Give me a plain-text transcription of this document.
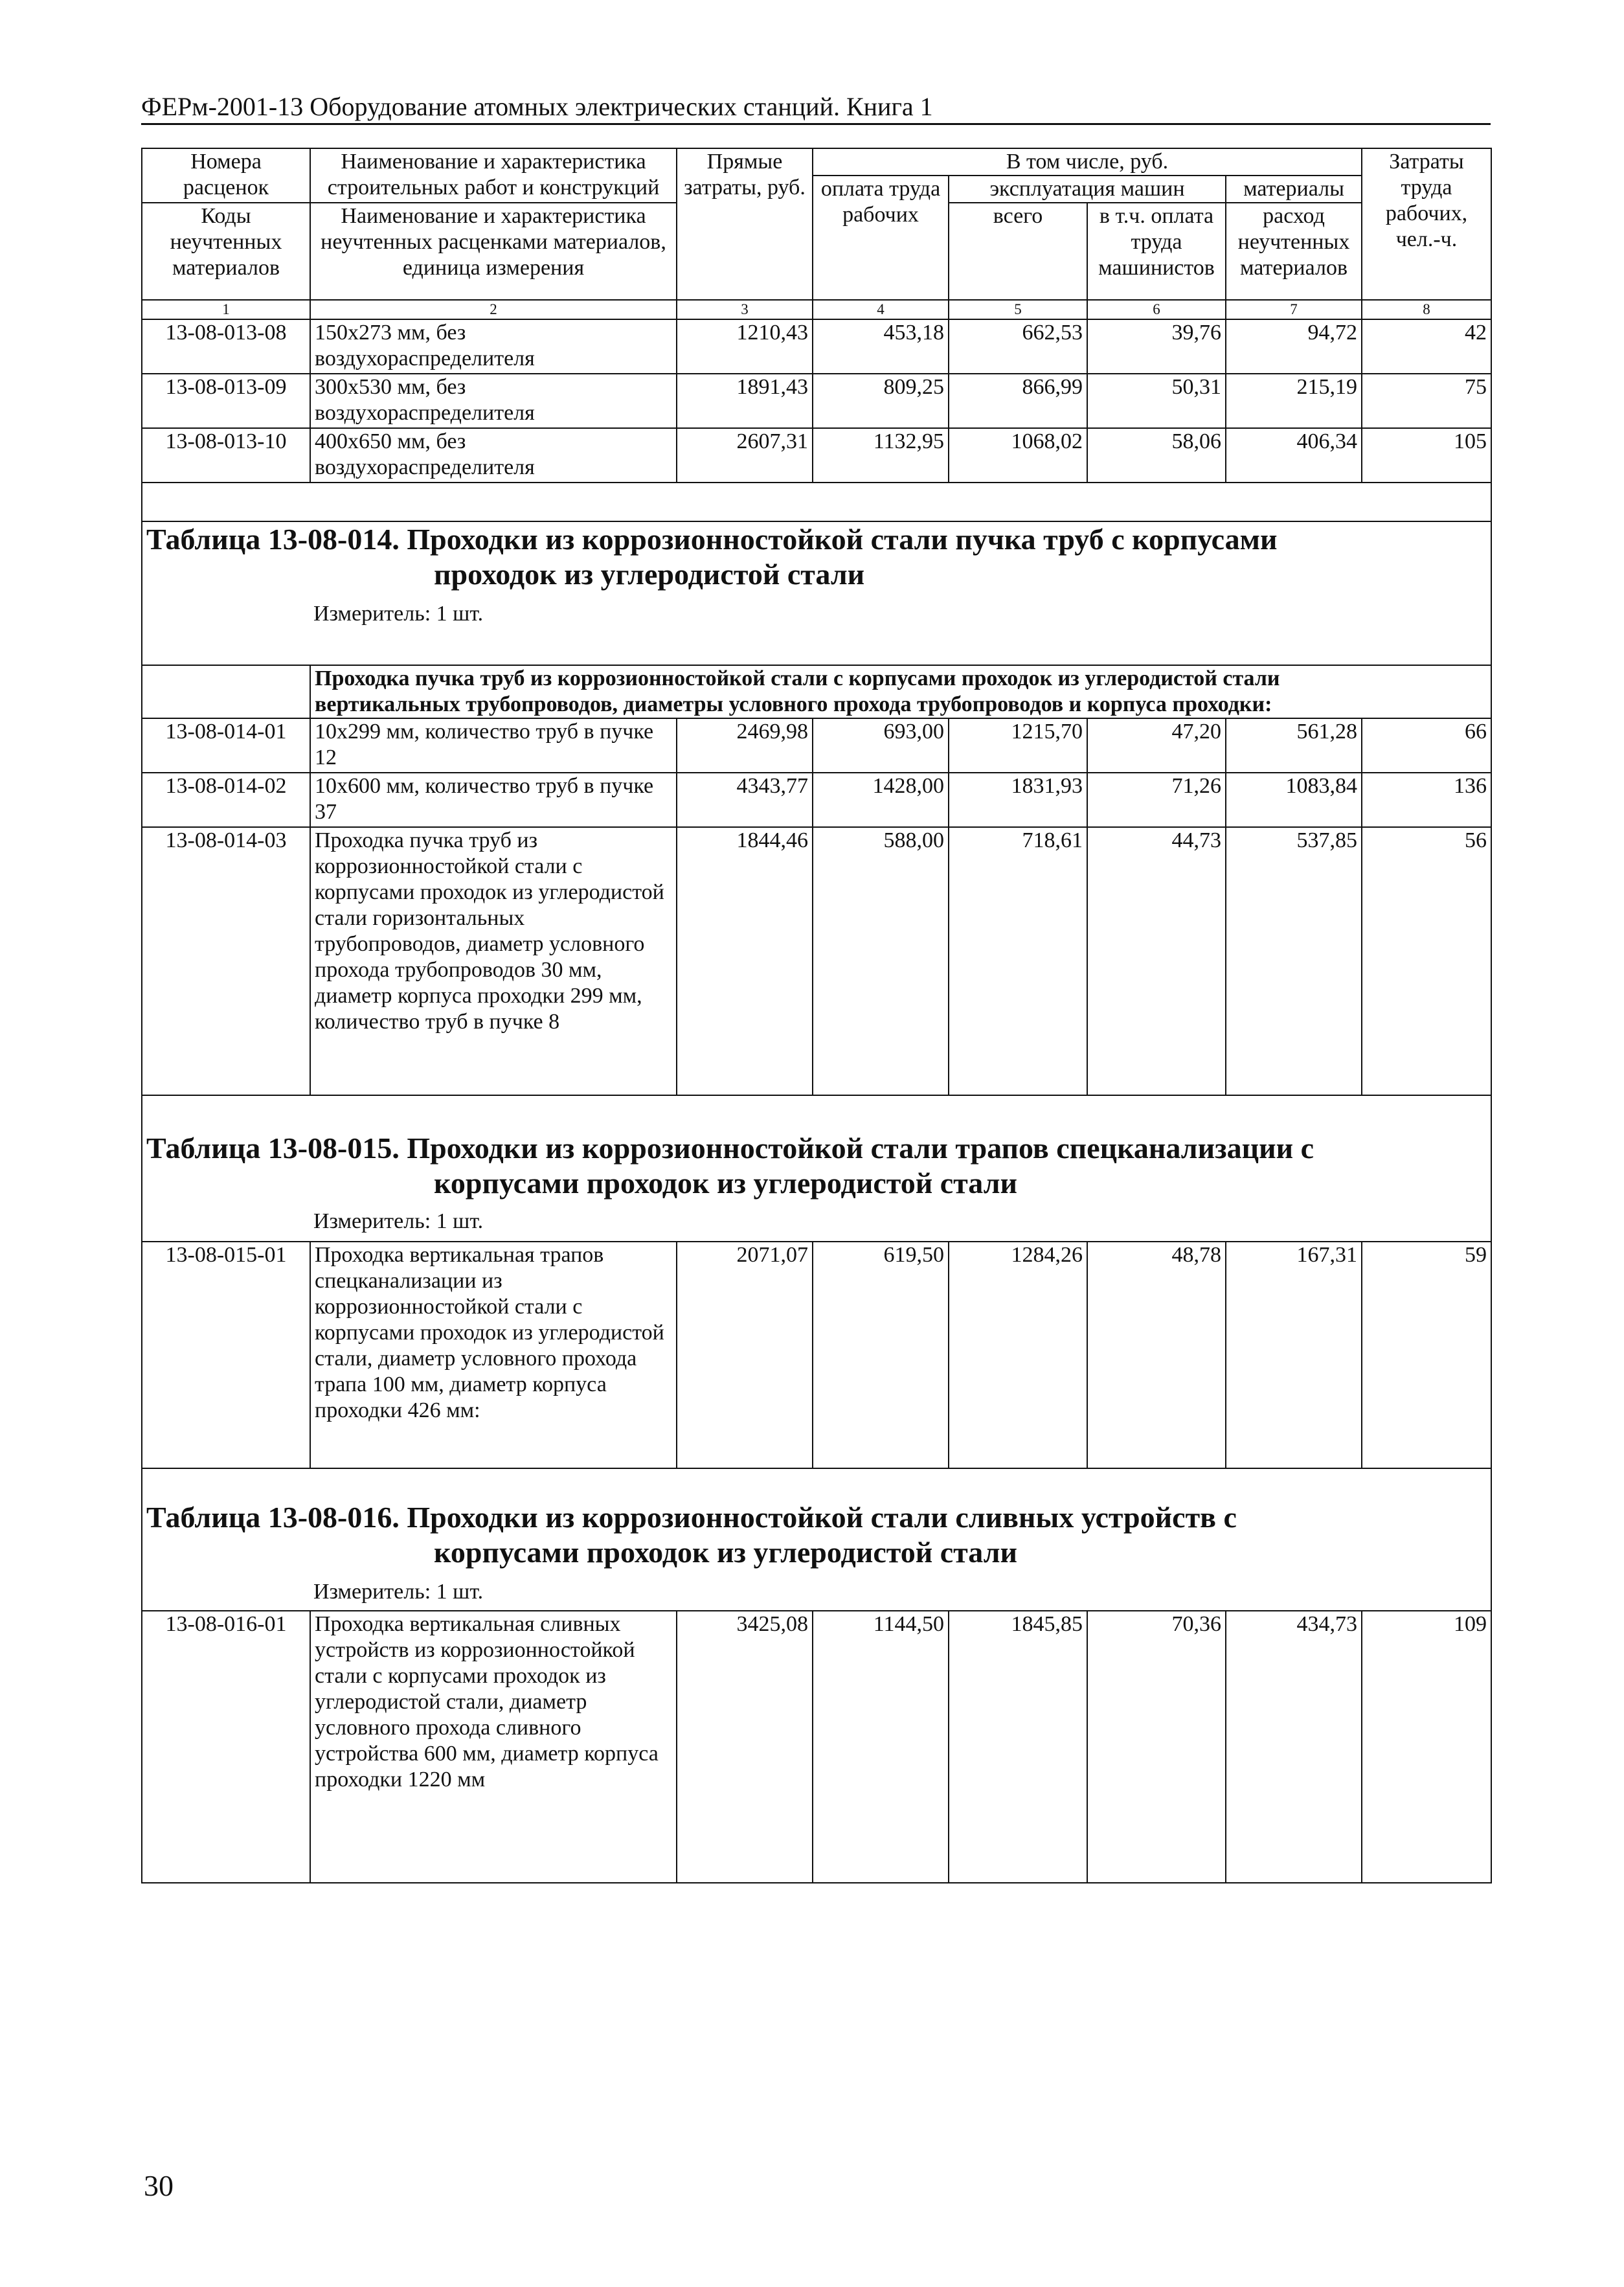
ФЕРм-2001-13 Оборудование атомных электрических станций. Книга 1
Номера расценок	Наименование и характеристика строительных работ и конструкций	Прямые затраты, руб.	В том числе, руб.				Затраты труда рабочих, чел.-ч.
			оплата труда рабочих	эксплуатация машин		материалы	
Коды неучтенных материалов	Наименование и характеристика неучтенных расценками материалов, единица измерения			всего	в т.ч. оплата труда машинистов	расход неучтенных материалов	
1	2	3	4	5	6	7	8
13-08-013-08	150x273 мм, без воздухораспределителя	1210,43	453,18	662,53	39,76	94,72	42
13-08-013-09	300x530 мм, без воздухораспределителя	1891,43	809,25	866,99	50,31	215,19	75
13-08-013-10	400x650 мм, без воздухораспределителя	2607,31	1132,95	1068,02	58,06	406,34	105

Таблица 13-08-014. Проходки из коррозионностойкой стали пучка труб с корпусами
проходок из углеродистой стали
Измеритель: 1 шт.							

	Проходка пучка труб из коррозионностойкой стали с корпусами проходок из углеродистой стали
вертикальных трубопроводов, диаметры условного прохода трубопроводов и корпуса проходки:						

13-08-014-01	10x299 мм, количество труб в пучке 12	2469,98	693,00	1215,70	47,20	561,28	66
13-08-014-02	10x600 мм, количество труб в пучке 37	4343,77	1428,00	1831,93	71,26	1083,84	136
13-08-014-03	Проходка пучка труб из коррозионностойкой стали с корпусами проходок из углеродистой стали горизонтальных трубопроводов, диаметр условного прохода трубопроводов 30 мм, диаметр корпуса проходки 299 мм, количество труб в пучке 8	1844,46	588,00	718,61	44,73	537,85	56

Таблица 13-08-015. Проходки из коррозионностойкой стали трапов спецканализации с
корпусами проходок из углеродистой стали
Измеритель: 1 шт.							

13-08-015-01	Проходка вертикальная трапов спецканализации из коррозионностойкой стали с корпусами проходок из углеродистой стали, диаметр условного прохода трапа 100 мм, диаметр корпуса проходки 426 мм:	2071,07	619,50	1284,26	48,78	167,31	59

Таблица 13-08-016. Проходки из коррозионностойкой стали сливных устройств с
корпусами проходок из углеродистой стали
Измеритель: 1 шт.							

13-08-016-01	Проходка вертикальная сливных устройств из коррозионностойкой стали с корпусами проходок из углеродистой стали, диаметр условного прохода сливного устройства 600 мм, диаметр корпуса проходки 1220 мм	3425,08	1144,50	1845,85	70,36	434,73	109
30
